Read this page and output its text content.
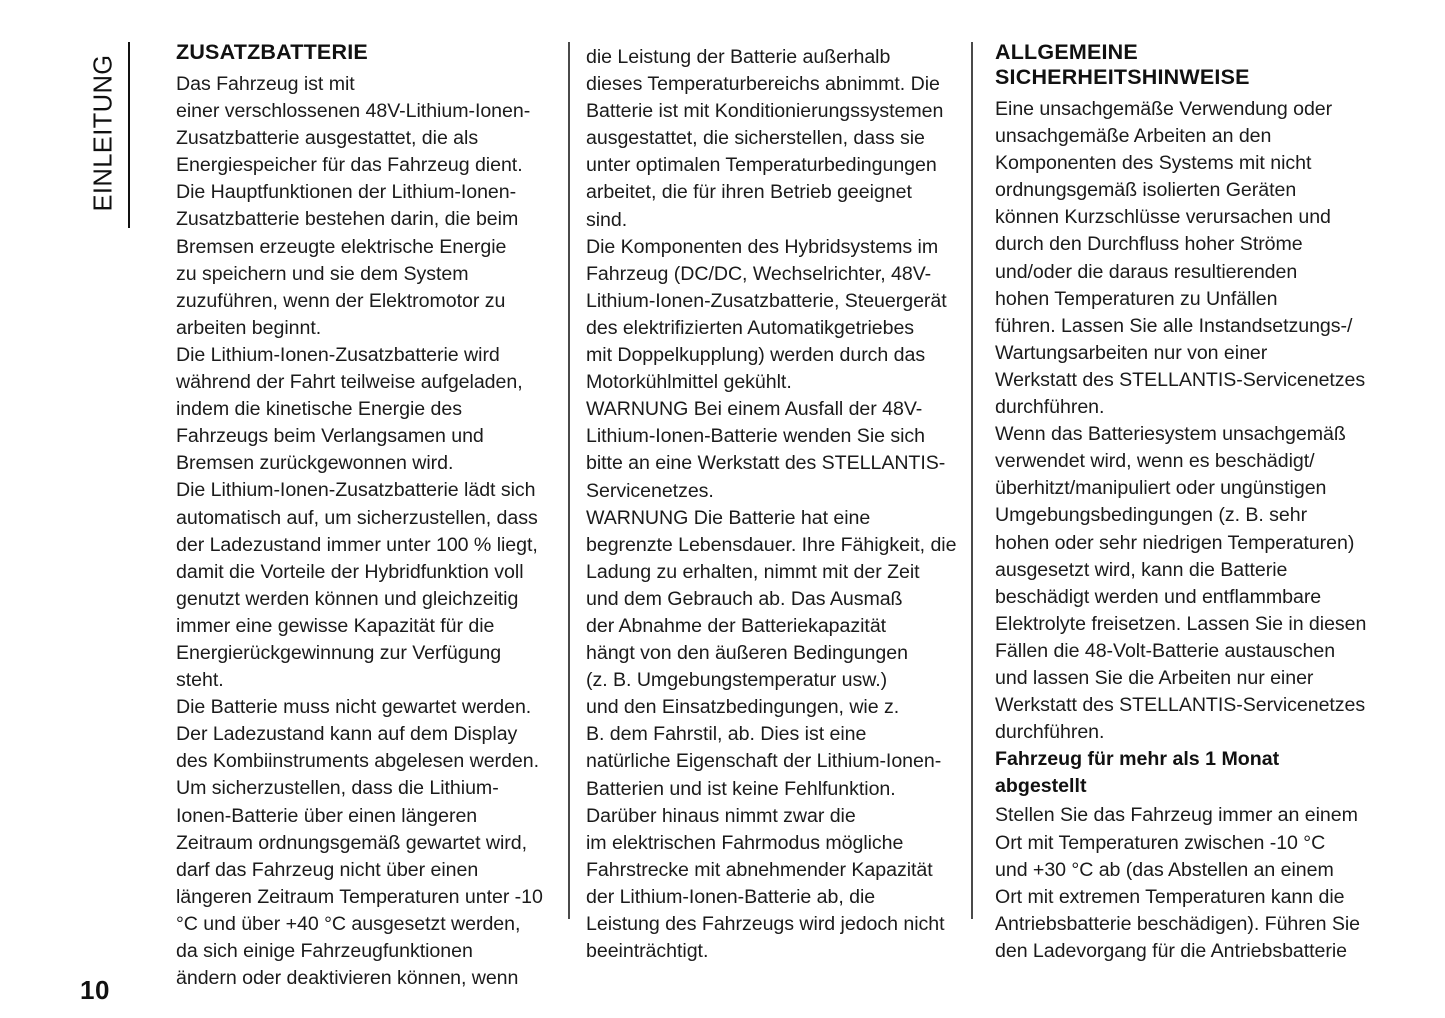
EINLEITUNG
ZUSATZBATTERIE
Das Fahrzeug ist mit
einer verschlossenen 48V-Lithium-Ionen-
Zusatzbatterie ausgestattet, die als
Energiespeicher für das Fahrzeug dient.
Die Hauptfunktionen der Lithium-Ionen-
Zusatzbatterie bestehen darin, die beim
Bremsen erzeugte elektrische Energie
zu speichern und sie dem System
zuzuführen, wenn der Elektromotor zu
arbeiten beginnt.
Die Lithium-Ionen-Zusatzbatterie wird
während der Fahrt teilweise aufgeladen,
indem die kinetische Energie des
Fahrzeugs beim Verlangsamen und
Bremsen zurückgewonnen wird.
Die Lithium-Ionen-Zusatzbatterie lädt sich
automatisch auf, um sicherzustellen, dass
der Ladezustand immer unter 100 % liegt,
damit die Vorteile der Hybridfunktion voll
genutzt werden können und gleichzeitig
immer eine gewisse Kapazität für die
Energierückgewinnung zur Verfügung
steht.
Die Batterie muss nicht gewartet werden.
Der Ladezustand kann auf dem Display
des Kombiinstruments abgelesen werden.
Um sicherzustellen, dass die Lithium-
Ionen-Batterie über einen längeren
Zeitraum ordnungsgemäß gewartet wird,
darf das Fahrzeug nicht über einen
längeren Zeitraum Temperaturen unter -10
°C und über +40 °C ausgesetzt werden,
da sich einige Fahrzeugfunktionen
ändern oder deaktivieren können, wenn
die Leistung der Batterie außerhalb
dieses Temperaturbereichs abnimmt. Die
Batterie ist mit Konditionierungssystemen
ausgestattet, die sicherstellen, dass sie
unter optimalen Temperaturbedingungen
arbeitet, die für ihren Betrieb geeignet
sind.
Die Komponenten des Hybridsystems im
Fahrzeug (DC/DC, Wechselrichter, 48V-
Lithium-Ionen-Zusatzbatterie, Steuergerät
des elektrifizierten Automatikgetriebes
mit Doppelkupplung) werden durch das
Motorkühlmittel gekühlt.
WARNUNG Bei einem Ausfall der 48V-
Lithium-Ionen-Batterie wenden Sie sich
bitte an eine Werkstatt des STELLANTIS-
Servicenetzes.
WARNUNG Die Batterie hat eine
begrenzte Lebensdauer. Ihre Fähigkeit, die
Ladung zu erhalten, nimmt mit der Zeit
und dem Gebrauch ab. Das Ausmaß
der Abnahme der Batteriekapazität
hängt von den äußeren Bedingungen
(z. B. Umgebungstemperatur usw.)
und den Einsatzbedingungen, wie z.
B. dem Fahrstil, ab. Dies ist eine
natürliche Eigenschaft der Lithium-Ionen-
Batterien und ist keine Fehlfunktion.
Darüber hinaus nimmt zwar die
im elektrischen Fahrmodus mögliche
Fahrstrecke mit abnehmender Kapazität
der Lithium-Ionen-Batterie ab, die
Leistung des Fahrzeugs wird jedoch nicht
beeinträchtigt.
ALLGEMEINE
SICHERHEITSHINWEISE
Eine unsachgemäße Verwendung oder
unsachgemäße Arbeiten an den
Komponenten des Systems mit nicht
ordnungsgemäß isolierten Geräten
können Kurzschlüsse verursachen und
durch den Durchfluss hoher Ströme
und/oder die daraus resultierenden
hohen Temperaturen zu Unfällen
führen. Lassen Sie alle Instandsetzungs-/
Wartungsarbeiten nur von einer
Werkstatt des STELLANTIS-Servicenetzes
durchführen.
Wenn das Batteriesystem unsachgemäß
verwendet wird, wenn es beschädigt/
überhitzt/manipuliert oder ungünstigen
Umgebungsbedingungen (z. B. sehr
hohen oder sehr niedrigen Temperaturen)
ausgesetzt wird, kann die Batterie
beschädigt werden und entflammbare
Elektrolyte freisetzen. Lassen Sie in diesen
Fällen die 48-Volt-Batterie austauschen
und lassen Sie die Arbeiten nur einer
Werkstatt des STELLANTIS-Servicenetzes
durchführen.
Fahrzeug für mehr als 1 Monat
abgestellt
Stellen Sie das Fahrzeug immer an einem
Ort mit Temperaturen zwischen -10 °C
und +30 °C ab (das Abstellen an einem
Ort mit extremen Temperaturen kann die
Antriebsbatterie beschädigen). Führen Sie
den Ladevorgang für die Antriebsbatterie
10
